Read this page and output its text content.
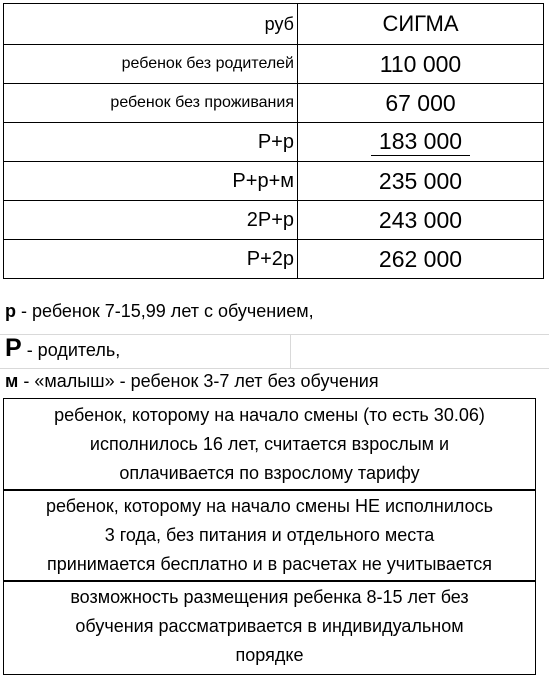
руб	СИГМА
ребенок без родителей	110 000
ребенок без проживания	67 000
Р+р	183 000
Р+р+м	235 000
2Р+р	243 000
Р+2р	262 000
р - ребенок 7-15,99 лет с обучением,
Р - родитель,
м - «малыш» - ребенок 3-7 лет без обучения
ребенок, которому на начало смены (то есть 30.06)
исполнилось 16 лет, считается взрослым и
оплачивается по взрослому тарифу
ребенок, которому на начало смены НЕ исполнилось
3 года, без питания и отдельного места
принимается бесплатно и в расчетах не учитывается
возможность размещения ребенка 8-15 лет без
обучения рассматривается в индивидуальном
порядке
